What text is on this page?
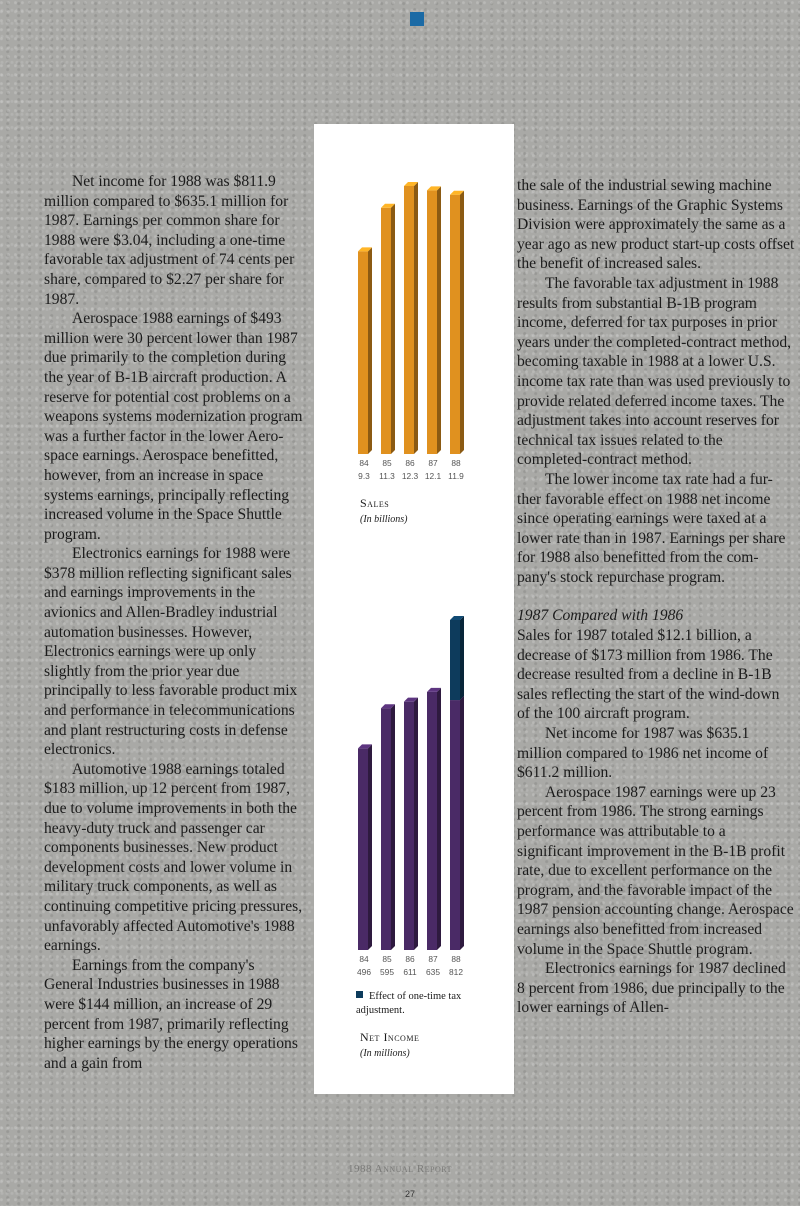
Net income for 1988 was $811.9 million compared to $635.1 million for 1987. Earnings per common share for 1988 were $3.04, including a one-time favorable tax adjustment of 74 cents per share, compared to $2.27 per share for 1987.

Aerospace 1988 earnings of $493 million were 30 percent lower than 1987 due primarily to the completion during the year of B-1B aircraft production. A reserve for potential cost problems on a weapons systems modernization program was a further factor in the lower Aero-space earnings. Aerospace benefitted, however, from an increase in space systems earnings, principally reflecting increased volume in the Space Shuttle program.

Electronics earnings for 1988 were $378 million reflecting significant sales and earnings improvements in the avionics and Allen-Bradley industrial automation businesses. However, Electronics earnings were up only slightly from the prior year due principally to less favorable product mix and performance in telecommunications and plant restructuring costs in defense electronics.

Automotive 1988 earnings totaled $183 million, up 12 percent from 1987, due to volume improvements in both the heavy-duty truck and passenger car components businesses. New product development costs and lower volume in military truck components, as well as continuing competitive pricing pressures, unfavorably affected Automotive's 1988 earnings.

Earnings from the company's General Industries businesses in 1988 were $144 million, an increase of 29 percent from 1987, primarily reflecting higher earnings by the energy operations and a gain from

84
9.3
85
11.3
86
12.3
87
12.1
88
11.9
84
496
85
595
86
611
87
635
88
812
Sales
(In billions)
Effect of one-time tax adjustment.
Net Income
(In millions)

the sale of the industrial sewing machine business. Earnings of the Graphic Systems Division were approximately the same as a year ago as new product start-up costs offset the benefit of increased sales.

The favorable tax adjustment in 1988 results from substantial B-1B program income, deferred for tax purposes in prior years under the completed-contract method, becoming taxable in 1988 at a lower U.S. income tax rate than was used previously to provide related deferred income taxes. The adjustment takes into account reserves for technical tax issues related to the completed-contract method.

The lower income tax rate had a fur-ther favorable effect on 1988 net income since operating earnings were taxed at a lower rate than in 1987. Earnings per share for 1988 also benefitted from the com-pany's stock repurchase program.

1987 Compared with 1986

Sales for 1987 totaled $12.1 billion, a decrease of $173 million from 1986. The decrease resulted from a decline in B-1B sales reflecting the start of the wind-down of the 100 aircraft program.

Net income for 1987 was $635.1 million compared to 1986 net income of $611.2 million.

Aerospace 1987 earnings were up 23 percent from 1986. The strong earnings performance was attributable to a significant improvement in the B-1B profit rate, due to excellent performance on the program, and the favorable impact of the 1987 pension accounting change. Aerospace earnings also benefitted from increased volume in the Space Shuttle program.

Electronics earnings for 1987 declined 8 percent from 1986, due principally to the lower earnings of Allen-

1988 Annual Report
27
